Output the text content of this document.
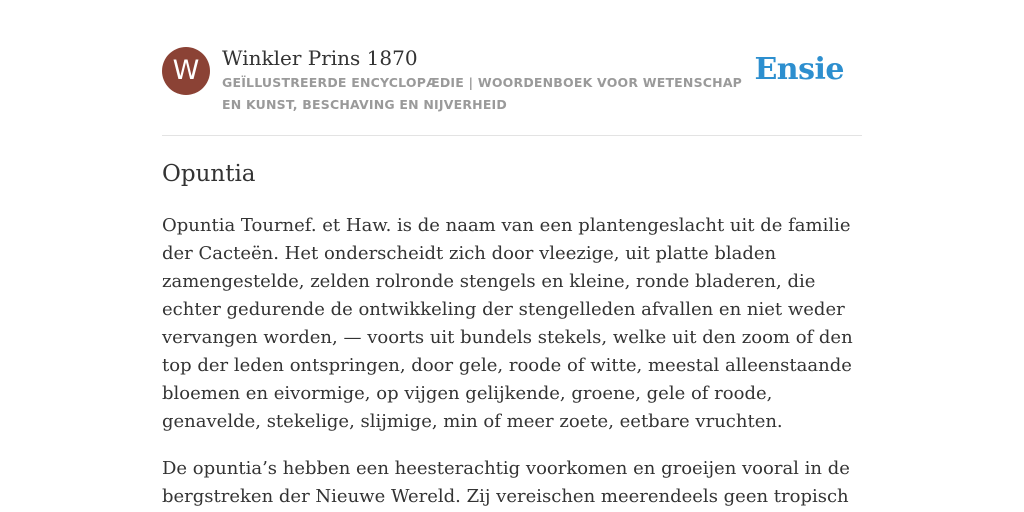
W	Winkler Prins 1870
GEÏLLUSTREERDE ENCYCLOPÆDIE | WOORDENBOEK VOOR WETENSCHAP EN KUNST, BESCHAVING EN NIJVERHEID
Ensie
Opuntia

Opuntia Tournef. et Haw. is de naam van een plantengeslacht uit de familie der Cacteën. Het onderscheidt zich door vleezige, uit platte bladen zamengestelde, zelden rolronde stengels en kleine, ronde bladeren, die echter gedurende de ontwikkeling der stengelleden afvallen en niet weder vervangen worden, — voorts uit bundels stekels, welke uit den zoom of den top der leden ontspringen, door gele, roode of witte, meestal alleenstaande bloemen en eivormige, op vijgen gelijkende, groene, gele of roode, genavelde, stekelige, slijmige, min of meer zoete, eetbare vruchten.

De opuntia’s hebben een heesterachtig voorkomen en groeijen vooral in de bergstreken der Nieuwe Wereld. Zij vereischen meerendeels geen tropisch
